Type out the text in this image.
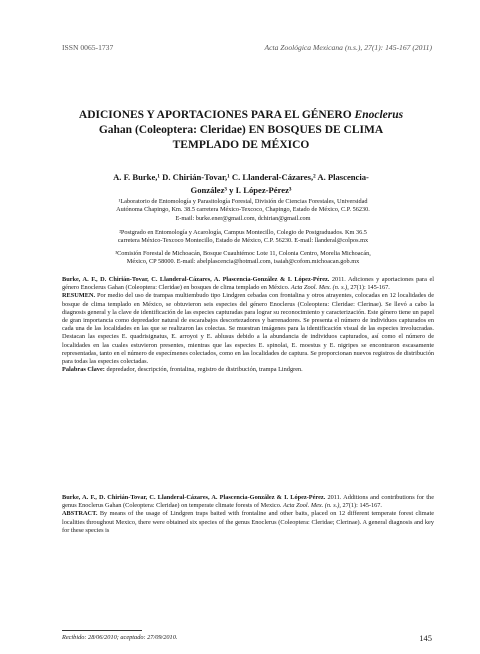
ISSN 0065-1737	Acta Zoológica Mexicana (n.s.), 27(1): 145-167 (2011)
ADICIONES Y APORTACIONES PARA EL GÉNERO Enoclerus
Gahan (Coleoptera: Cleridae) EN BOSQUES DE CLIMA
TEMPLADO DE MÉXICO
A. F. Burke,¹ D. Chirián-Tovar,¹ C. Llanderal-Cázares,² A. Plascencia-
González³ y I. López-Pérez³
¹Laboratorio de Entomología y Parasitología Forestal, División de Ciencias Forestales, Universidad
Autónoma Chapingo, Km. 38.5 carretera México-Texcoco, Chapingo, Estado de México, C.P. 56230.
E-mail: burke.ener@gmail.com, dchirian@gmail.com
²Postgrado en Entomología y Acarología, Campus Montecillo, Colegio de Postgraduados. Km 36.5
carretera México-Texcoco Montecillo, Estado de México, C.P. 56230. E-mail: llanderal@colpos.mx
³Comisión Forestal de Michoacán, Bosque Cuauhtémoc Lote 11, Colonia Centro, Morelia Michoacán,
México, CP 58000. E-mail: abelplascencia@hotmail.com, isaiah@cofom.michoacan.gob.mx

Burke, A. F., D. Chirián-Tovar, C. Llanderal-Cázares, A. Plascencia-González & I. López-Pérez. 2011. Adiciones y aportaciones para el género Enoclerus Gahan (Coleoptera: Cleridae) en bosques de clima templado en México. Acta Zool. Mex. (n. s.), 27(1): 145-167.

RESUMEN. Por medio del uso de trampas multiembudo tipo Lindgren cebadas con frontalina y otros atrayentes, colocadas en 12 localidades de bosque de clima templado en México, se obtuvieron seis especies del género Enoclerus (Coleoptera: Cleridae: Clerinae). Se llevó a cabo la diagnosis general y la clave de identificación de las especies capturadas para lograr su reconocimiento y caracterización. Este género tiene un papel de gran importancia como depredador natural de escarabajos descortezadores y barrenadores. Se presenta el número de individuos capturados en cada una de las localidades en las que se realizaron las colectas. Se muestran imágenes para la identificación visual de las especies involucradas. Destacan las especies E. quadrisignatus, E. arroyoi y E. ablusus debido a la abundancia de individuos capturados, así como el número de localidades en las cuales estuvieron presentes, mientras que las especies E. spinolai, E. moestus y E. nigripes se encontraron escasamente representadas, tanto en el número de especímenes colectados, como en las localidades de captura. Se proporcionan nuevos registros de distribución para todas las especies colectadas.

Palabras Clave: depredador, descripción, frontalina, registro de distribución, trampa Lindgren.

Burke, A. F., D. Chirián-Tovar, C. Llanderal-Cázares, A. Plascencia-González & I. López-Pérez. 2011. Additions and contributions for the genus Enoclerus Gahan (Coleoptera: Cleridae) on temperate climate forests of Mexico. Acta Zool. Mex. (n. s.), 27(1): 145-167.

ABSTRACT. By means of the usage of Lindgren traps baited with frontaline and other baits, placed on 12 different temperate forest climate localities throughout Mexico, there were obtained six species of the genus Enoclerus (Coleoptera: Cleridae; Clerinae). A general diagnosis and key for these species is

Recibido: 28/06/2010; aceptado: 27/09/2010.	145
